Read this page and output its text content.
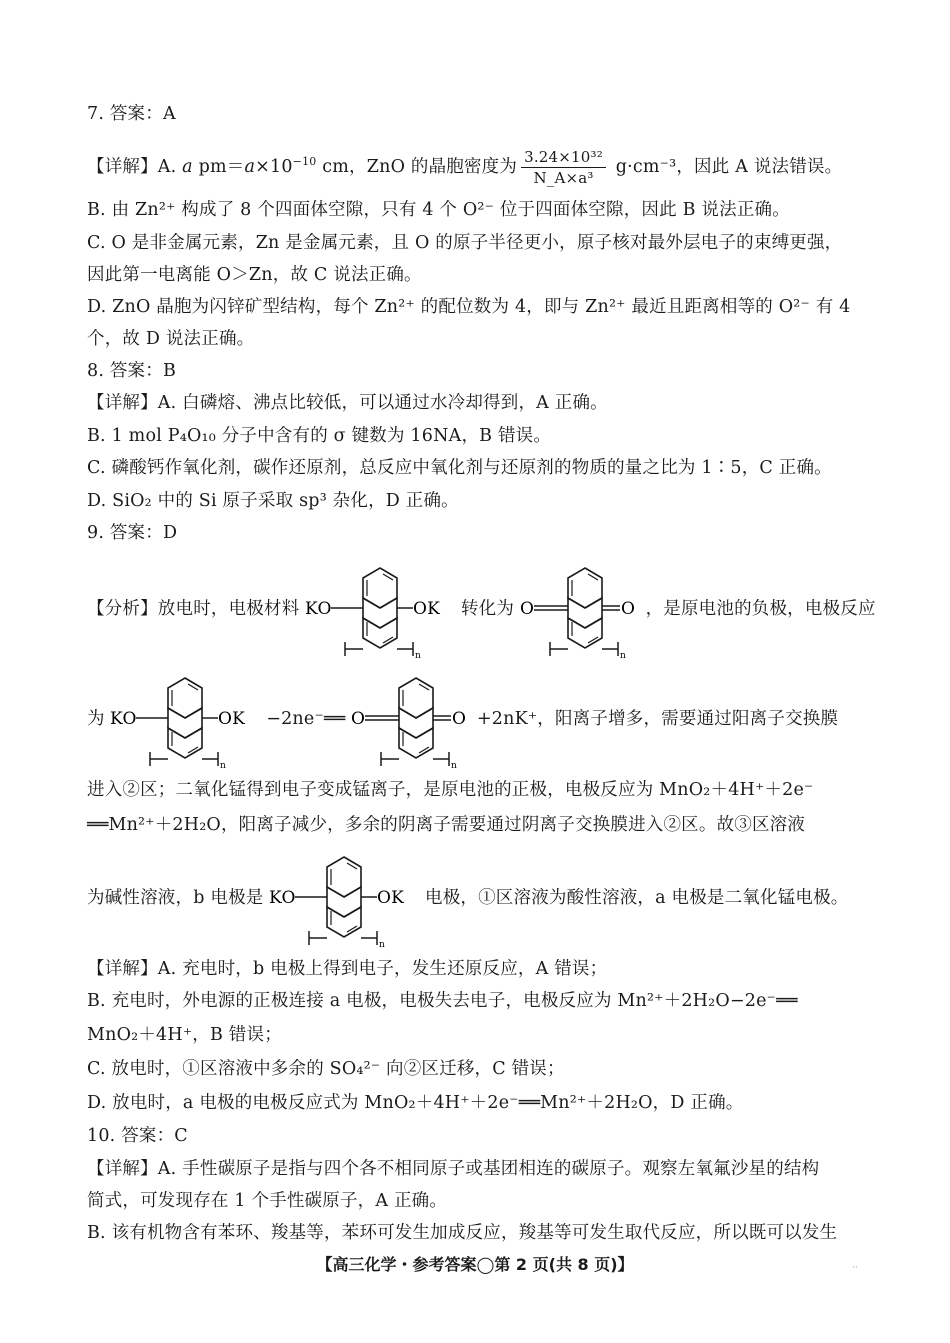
7. 答案：A
【详解】A. a $pm=a\times 10^{-10}$ cm，ZnO 的晶胞密度为 $\frac{\text{3.24×10³²}}{\text{N\_A×a³}} g\cdot cm^{-3}$，因此 A 说法错误。
B. 由 Zn²⁺ 构成了 8 个四面体空隙，只有 4 个 O²⁻ 位于四面体空隙，因此 B 说法正确。
C. O 是非金属元素，Zn 是金属元素，且 O 的原子半径更小，原子核对最外层电子的束缚更强，
因此第一电离能 O＞Zn，故 C 说法正确。
D. ZnO 晶胞为闪锌矿型结构，每个 Zn²⁺ 的配位数为 4，即与 Zn²⁺ 最近且距离相等的 O²⁻ 有 4
个，故 D 说法正确。
8. 答案：B
【详解】A. 白磷熔、沸点比较低，可以通过水冷却得到，A 正确。
B. 1 mol P₄O₁₀ 分子中含有的 σ 键数为 16NA，B 错误。
C. 磷酸钙作氧化剂，碳作还原剂，总反应中氧化剂与还原剂的物质的量之比为 1∶5，C 正确。
D. SiO₂ 中的 Si 原子采取 sp³ 杂化，D 正确。
9. 答案：D
【分析】放电时，电极材料 KO	OK
n
转化为 O	O
n
，是原电池的负极，电极反应
为 KO	OK
n
−2ne⁻══ O	O
n
+2nK⁺，阳离子增多，需要通过阳离子交换膜
进入②区；二氧化锰得到电子变成锰离子，是原电池的正极，电极反应为 MnO₂＋4H⁺＋2e⁻
══Mn²⁺＋2H₂O，阳离子减少，多余的阴离子需要通过阴离子交换膜进入②区。故③区溶液
为碱性溶液，b 电极是 KO	OK
n
电极，①区溶液为酸性溶液，a 电极是二氧化锰电极。
【详解】A. 充电时，b 电极上得到电子，发生还原反应，A 错误；
B. 充电时，外电源的正极连接 a 电极，电极失去电子，电极反应为 Mn²⁺＋2H₂O−2e⁻══
MnO₂＋4H⁺，B 错误；
C. 放电时，①区溶液中多余的 SO₄²⁻ 向②区迁移，C 错误；
D. 放电时，a 电极的电极反应式为 MnO₂＋4H⁺＋2e⁻══Mn²⁺＋2H₂O，D 正确。
10. 答案：C
【详解】A. 手性碳原子是指与四个各不相同原子或基团相连的碳原子。观察左氧氟沙星的结构
简式，可发现存在 1 个手性碳原子，A 正确。
B. 该有机物含有苯环、羧基等，苯环可发生加成反应，羧基等可发生取代反应，所以既可以发生
【高三化学・参考答案◯第 2 页(共 8 页)】	··
